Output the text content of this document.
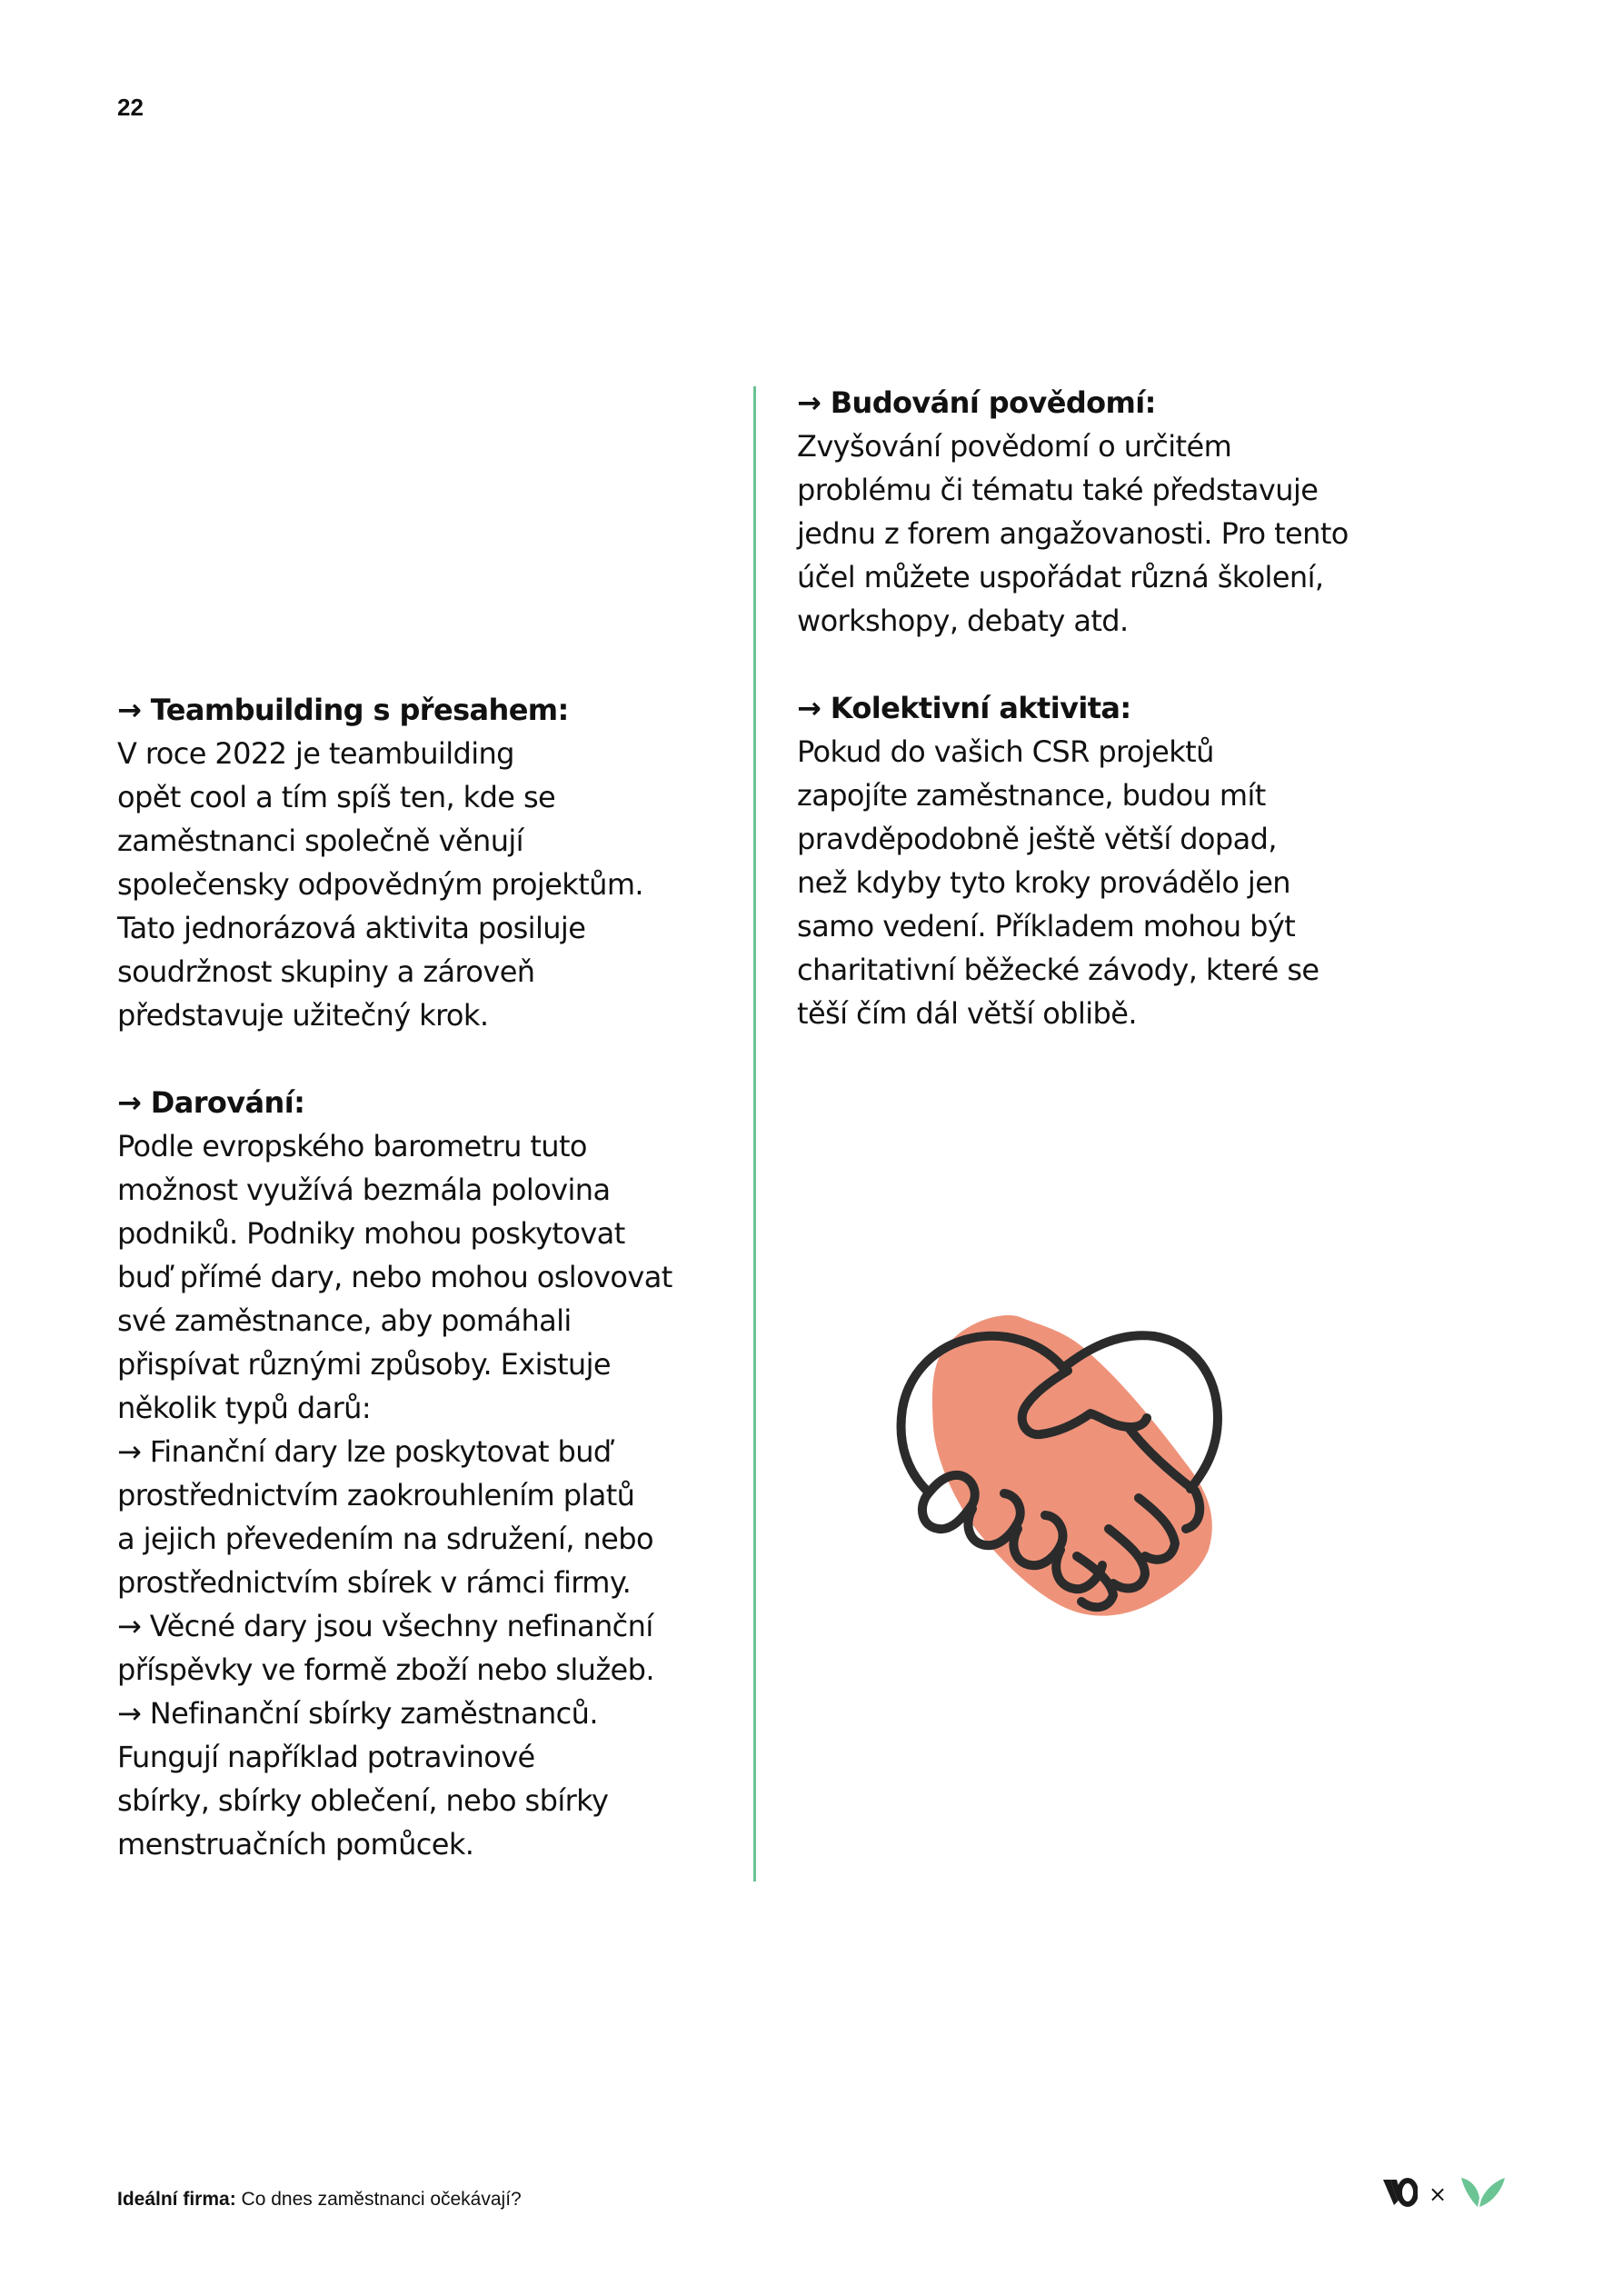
22
→ Teambuilding s přesahem:
V roce 2022 je teambuilding
opět cool a tím spíš ten, kde se
zaměstnanci společně věnují
společensky odpovědným projektům.
Tato jednorázová aktivita posiluje
soudržnost skupiny a zároveň
představuje užitečný krok.
→ Darování:
Podle evropského barometru tuto
možnost využívá bezmála polovina
podniků. Podniky mohou poskytovat
buď přímé dary, nebo mohou oslovovat
své zaměstnance, aby pomáhali
přispívat různými způsoby. Existuje
několik typů darů:
→ Finanční dary lze poskytovat buď
prostřednictvím zaokrouhlením platů
a jejich převedením na sdružení, nebo
prostřednictvím sbírek v rámci firmy.
→ Věcné dary jsou všechny nefinanční
příspěvky ve formě zboží nebo služeb.
→ Nefinanční sbírky zaměstnanců.
Fungují například potravinové
sbírky, sbírky oblečení, nebo sbírky
menstruačních pomůcek.
→ Budování povědomí:
Zvyšování povědomí o určitém
problému či tématu také představuje
jednu z forem angažovanosti. Pro tento
účel můžete uspořádat různá školení,
workshopy, debaty atd.
→ Kolektivní aktivita:
Pokud do vašich CSR projektů
zapojíte zaměstnance, budou mít
pravděpodobně ještě větší dopad,
než kdyby tyto kroky provádělo jen
samo vedení. Příkladem mohou být
charitativní běžecké závody, které se
těší čím dál větší oblibě.
Ideální firma: Co dnes zaměstnanci očekávají?	×
